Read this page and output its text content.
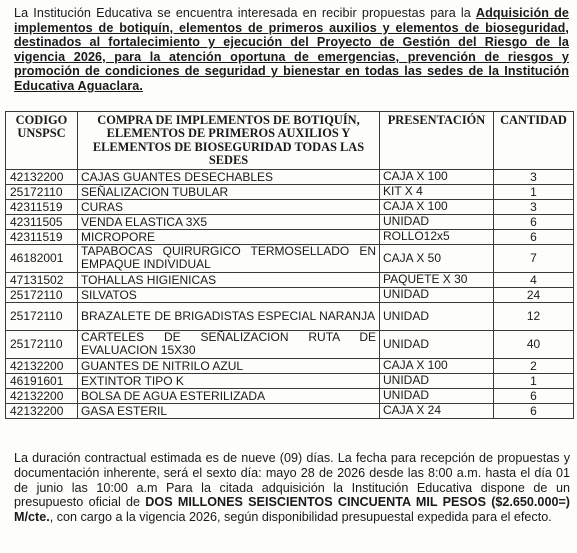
La Institución Educativa se encuentra interesada en recibir propuestas para la Adquisición de implementos de botiquín, elementos de primeros auxilios y elementos de bioseguridad, destinados al fortalecimiento y ejecución del Proyecto de Gestión del Riesgo de la vigencia 2026, para la atención oportuna de emergencias, prevención de riesgos y promoción de condiciones de seguridad y bienestar en todas las sedes de la Institución Educativa Aguaclara.
CODIGO UNSPSC	COMPRA DE IMPLEMENTOS DE BOTIQUÍN, ELEMENTOS DE PRIMEROS AUXILIOS Y ELEMENTOS DE BIOSEGURIDAD TODAS LAS SEDES	PRESENTACIÓN	CANTIDAD
42132200	CAJAS GUANTES DESECHABLES	CAJA X 100	3
25172110	SEÑALIZACION TUBULAR	KIT X 4	1
42311519	CURAS	CAJA X 100	3
42311505	VENDA ELASTICA 3X5	UNIDAD	6
42311519	MICROPORE	ROLLO12x5	6
46182001	TAPABOCAS QUIRURGICO TERMOSELLADO EN EMPAQUE INDIVIDUAL	CAJA X 50	7
47131502	TOHALLAS HIGIENICAS	PAQUETE X 30	4
25172110	SILVATOS	UNIDAD	24
25172110	BRAZALETE DE BRIGADISTAS ESPECIAL NARANJA	UNIDAD	12
25172110	CARTELES DE SEÑALIZACION RUTA DE EVALUACION 15X30	UNIDAD	40
42132200	GUANTES DE NITRILO AZUL	CAJA X 100	2
46191601	EXTINTOR TIPO K	UNIDAD	1
42132200	BOLSA DE AGUA ESTERILIZADA	UNIDAD	6
42132200	GASA ESTERIL	CAJA X 24	6
La duración contractual estimada es de nueve (09) días. La fecha para recepción de propuestas y documentación inherente, será el sexto día: mayo 28 de 2026 desde las 8:00 a.m. hasta el día 01 de junio las 10:00 a.m Para la citada adquisición la Institución Educativa dispone de un presupuesto oficial de DOS MILLONES SEISCIENTOS CINCUENTA MIL PESOS ($2.650.000=) M/cte., con cargo a la vigencia 2026, según disponibilidad presupuestal expedida para el efecto.
